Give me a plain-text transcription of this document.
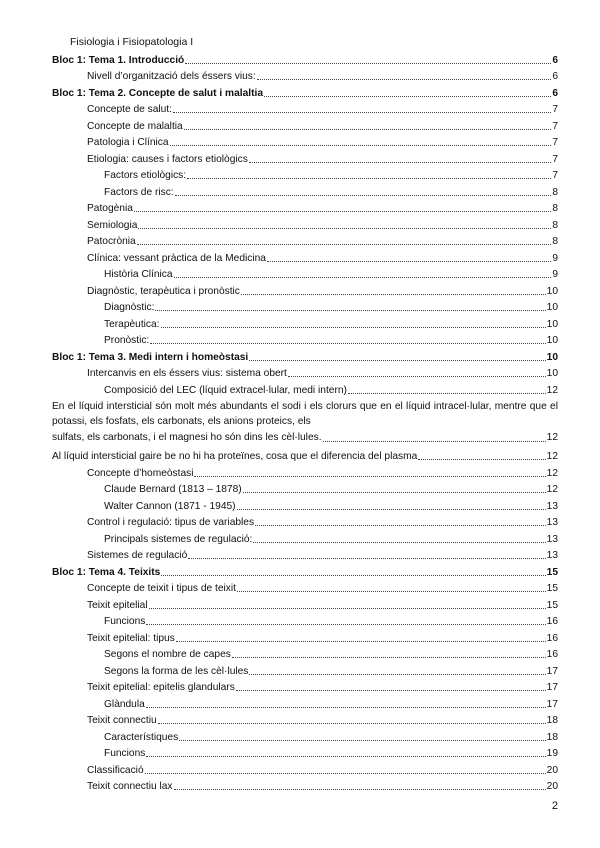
Fisiologia i Fisiopatologia I
Bloc 1: Tema 1. Introducció	6
Nivell d’organització dels éssers vius:	6
Bloc 1: Tema 2. Concepte de salut i malaltia	6
Concepte de salut:	7
Concepte de malaltia	7
Patologia i Clínica	7
Etiologia: causes i factors etiològics	7
Factors etiològics:	7
Factors de risc:	8
Patogènia	8
Semiologia	8
Patocrònia	8
Clínica: vessant pràctica de la Medicina	9
Història Clínica	9
Diagnòstic, terapèutica i pronòstic	10
Diagnòstic:	10
Terapèutica:	10
Pronòstic:	10
Bloc 1: Tema 3. Medi intern i homeòstasi	10
Intercanvis en els éssers vius: sistema obert	10
Composició del LEC (líquid extracel·lular, medi intern)	12
En el líquid intersticial són molt més abundants el sodi i els clorurs que en el líquid intracel·lular, mentre que el potassi, els fosfats, els carbonats, els anions proteics, els
sulfats, els carbonats, i el magnesi ho són dins les cèl·lules.	12
Al líquid intersticial gaire be no hi ha proteïnes, cosa que el diferencia del plasma	12
Concepte d’homeòstasi	12
Claude Bernard (1813 – 1878)	12
Walter Cannon (1871 - 1945)	13
Control i regulació: tipus de variables	13
Principals sistemes de regulació:	13
Sistemes de regulació	13
Bloc 1: Tema 4. Teixits	15
Concepte de teixit i tipus de teixit	15
Teixit epitelial	15
Funcions	16
Teixit epitelial: tipus	16
Segons el nombre de capes	16
Segons la forma de les cèl·lules	17
Teixit epitelial: epitelis glandulars	17
Glàndula	17
Teixit connectiu	18
Característiques	18
Funcions	19
Classificació	20
Teixit connectiu lax	20
2
